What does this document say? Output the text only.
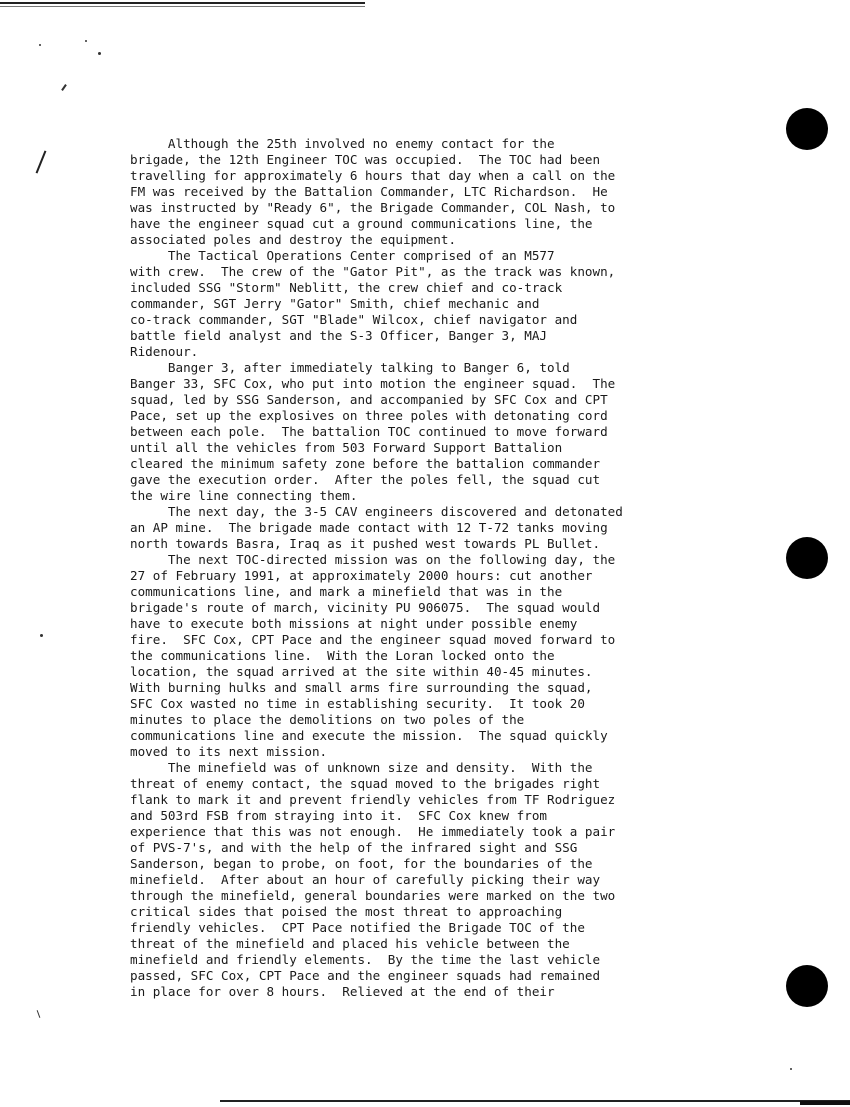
Although the 25th involved no enemy contact for the
brigade, the 12th Engineer TOC was occupied.  The TOC had been
travelling for approximately 6 hours that day when a call on the
FM was received by the Battalion Commander, LTC Richardson.  He
was instructed by "Ready 6", the Brigade Commander, COL Nash, to
have the engineer squad cut a ground communications line, the
associated poles and destroy the equipment.
The Tactical Operations Center comprised of an M577
with crew.  The crew of the "Gator Pit", as the track was known,
included SSG "Storm" Neblitt, the crew chief and co-track
commander, SGT Jerry "Gator" Smith, chief mechanic and
co-track commander, SGT "Blade" Wilcox, chief navigator and
battle field analyst and the S-3 Officer, Banger 3, MAJ
Ridenour.
Banger 3, after immediately talking to Banger 6, told
Banger 33, SFC Cox, who put into motion the engineer squad.  The
squad, led by SSG Sanderson, and accompanied by SFC Cox and CPT
Pace, set up the explosives on three poles with detonating cord
between each pole.  The battalion TOC continued to move forward
until all the vehicles from 503 Forward Support Battalion
cleared the minimum safety zone before the battalion commander
gave the execution order.  After the poles fell, the squad cut
the wire line connecting them.
The next day, the 3-5 CAV engineers discovered and detonated
an AP mine.  The brigade made contact with 12 T-72 tanks moving
north towards Basra, Iraq as it pushed west towards PL Bullet.
The next TOC-directed mission was on the following day, the
27 of February 1991, at approximately 2000 hours: cut another
communications line, and mark a minefield that was in the
brigade's route of march, vicinity PU 906075.  The squad would
have to execute both missions at night under possible enemy
fire.  SFC Cox, CPT Pace and the engineer squad moved forward to
the communications line.  With the Loran locked onto the
location, the squad arrived at the site within 40-45 minutes.
With burning hulks and small arms fire surrounding the squad,
SFC Cox wasted no time in establishing security.  It took 20
minutes to place the demolitions on two poles of the
communications line and execute the mission.  The squad quickly
moved to its next mission.
The minefield was of unknown size and density.  With the
threat of enemy contact, the squad moved to the brigades right
flank to mark it and prevent friendly vehicles from TF Rodriguez
and 503rd FSB from straying into it.  SFC Cox knew from
experience that this was not enough.  He immediately took a pair
of PVS-7's, and with the help of the infrared sight and SSG
Sanderson, began to probe, on foot, for the boundaries of the
minefield.  After about an hour of carefully picking their way
through the minefield, general boundaries were marked on the two
critical sides that poised the most threat to approaching
friendly vehicles.  CPT Pace notified the Brigade TOC of the
threat of the minefield and placed his vehicle between the
minefield and friendly elements.  By the time the last vehicle
passed, SFC Cox, CPT Pace and the engineer squads had remained
in place for over 8 hours.  Relieved at the end of their
